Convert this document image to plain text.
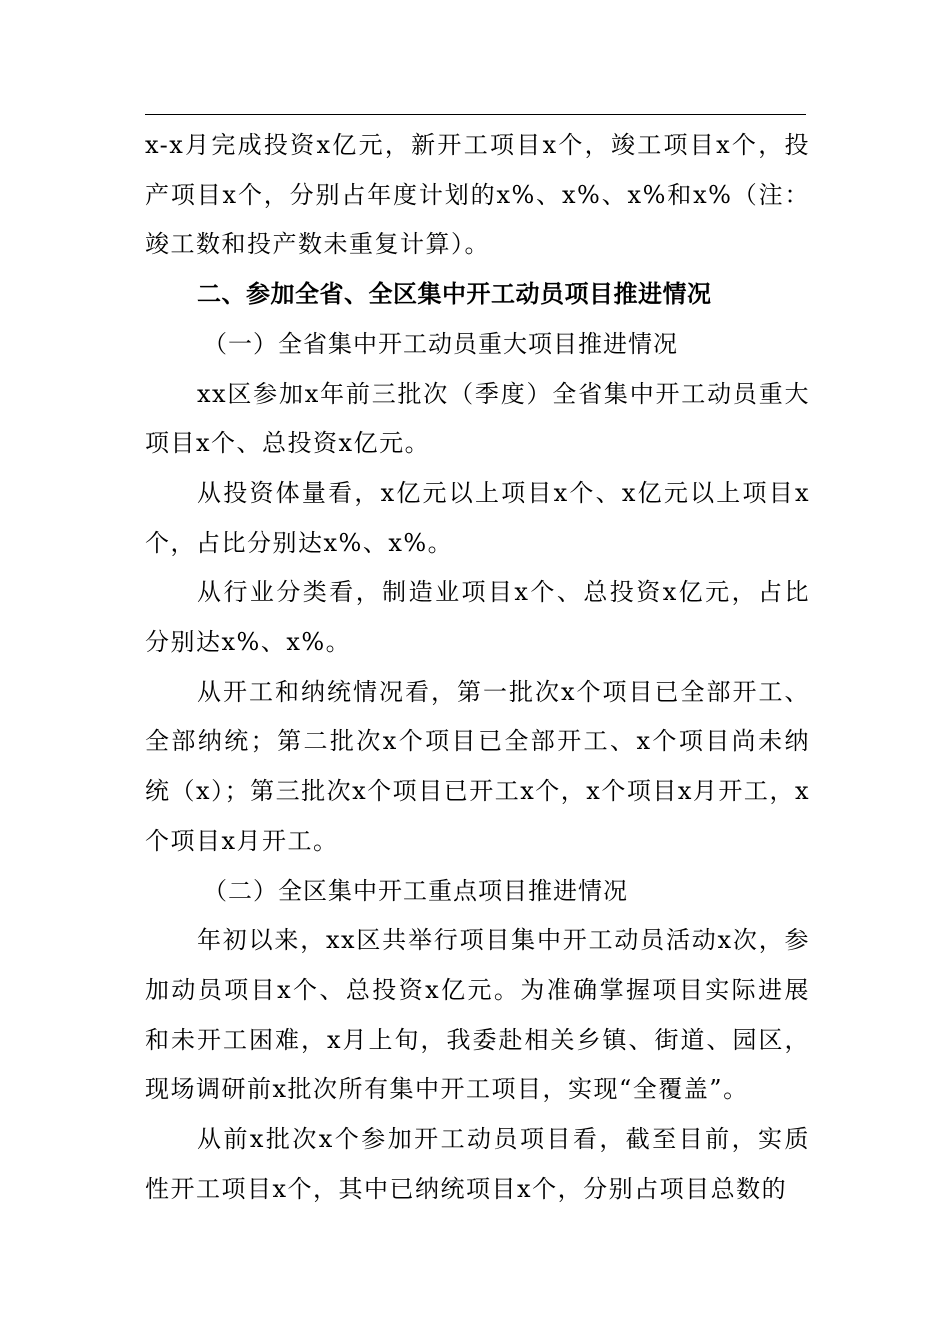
x-x月完成投资x亿元，新开工项目x个，竣工项目x个，投产项目x个，分别占年度计划的x%、x%、x%和x%（注：竣工数和投产数未重复计算）。

二、参加全省、全区集中开工动员项目推进情况

（一）全省集中开工动员重大项目推进情况

xx区参加x年前三批次（季度）全省集中开工动员重大项目x个、总投资x亿元。

从投资体量看，x亿元以上项目x个、x亿元以上项目x个，占比分别达x%、x%。

从行业分类看，制造业项目x个、总投资x亿元，占比分别达x%、x%。

从开工和纳统情况看，第一批次x个项目已全部开工、全部纳统；第二批次x个项目已全部开工、x个项目尚未纳统（x）；第三批次x个项目已开工x个，x个项目x月开工，x个项目x月开工。

（二）全区集中开工重点项目推进情况

年初以来，xx区共举行项目集中开工动员活动x次，参加动员项目x个、总投资x亿元。为准确掌握项目实际进展和未开工困难，x月上旬，我委赴相关乡镇、街道、园区，现场调研前x批次所有集中开工项目，实现“全覆盖”。

从前x批次x个参加开工动员项目看，截至目前，实质性开工项目x个，其中已纳统项目x个，分别占项目总数的
